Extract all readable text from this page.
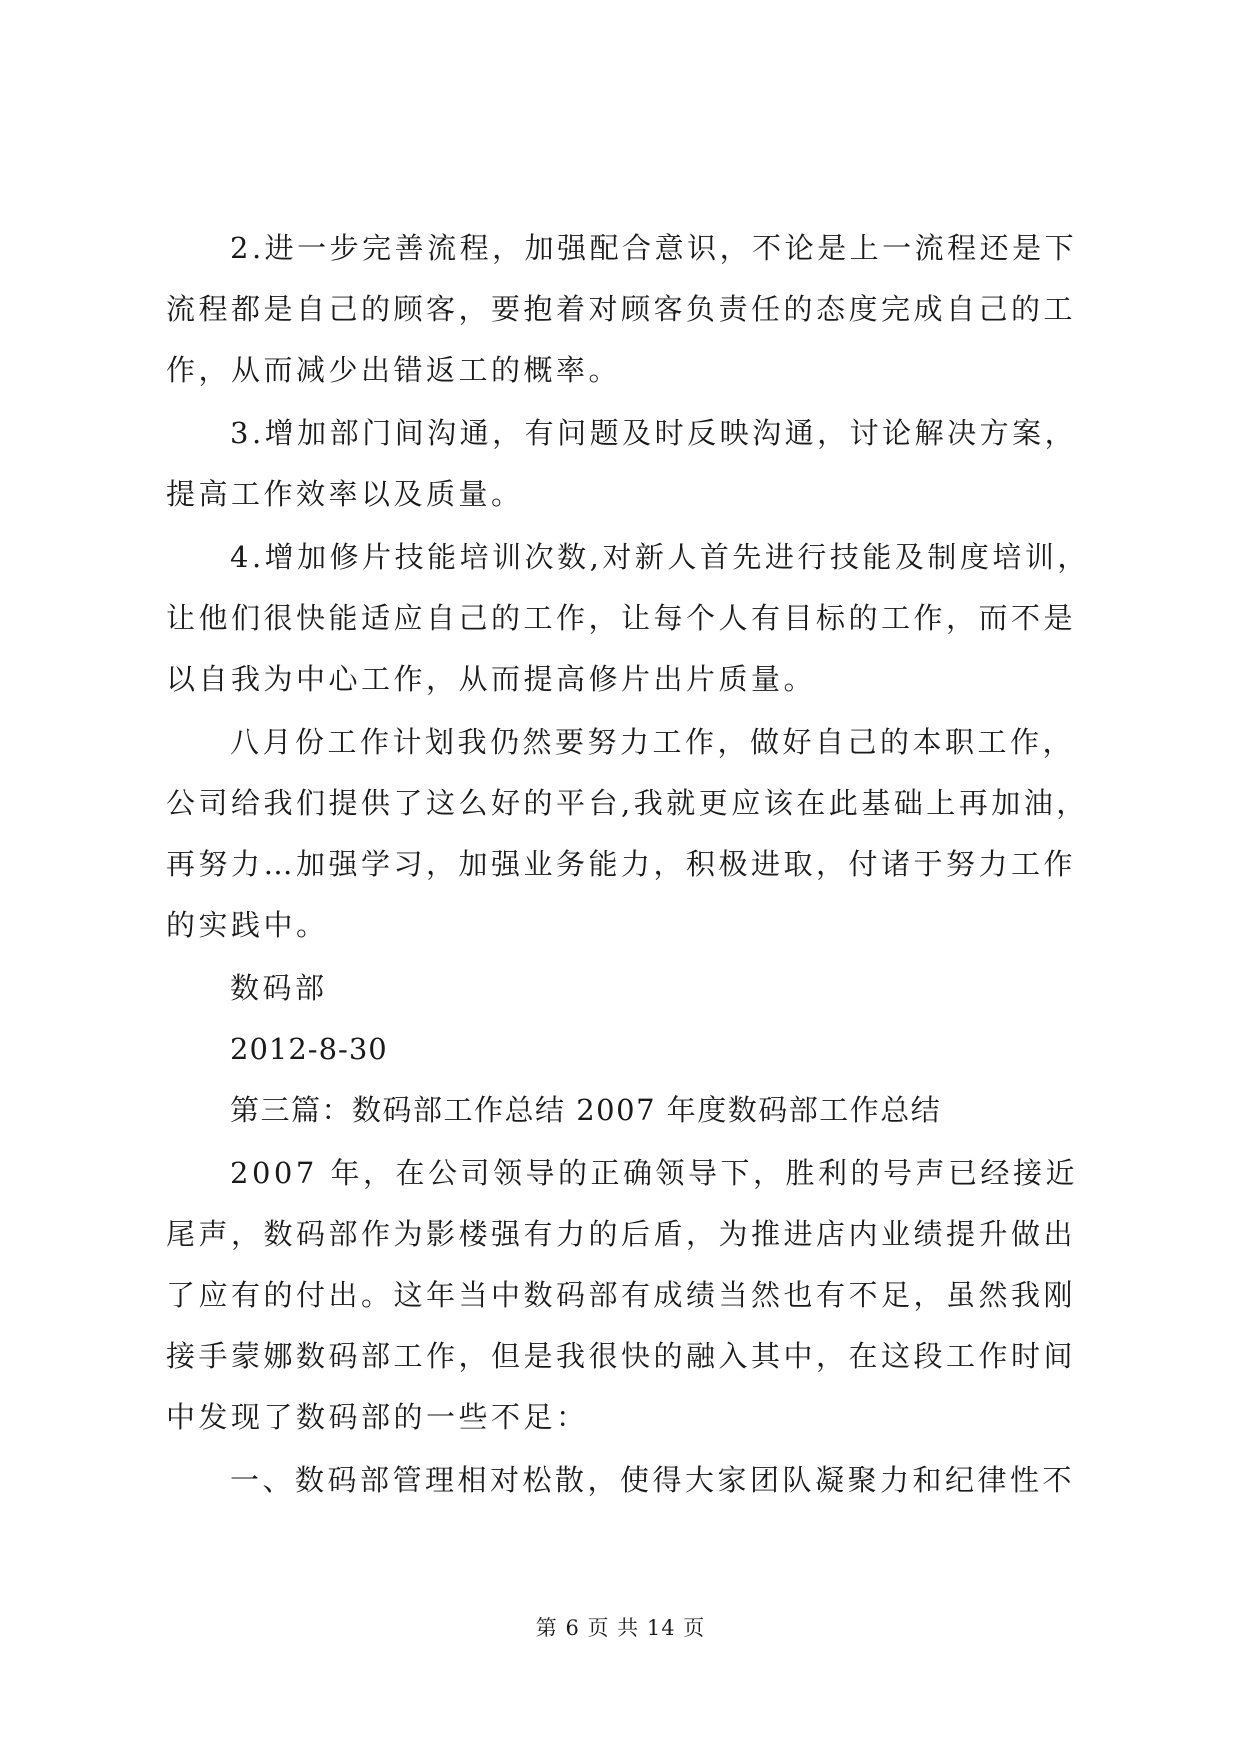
2.进一步完善流程，加强配合意识，不论是上一流程还是下
流程都是自己的顾客，要抱着对顾客负责任的态度完成自己的工
作，从而减少出错返工的概率。
3.增加部门间沟通，有问题及时反映沟通，讨论解决方案，
提高工作效率以及质量。
4.增加修片技能培训次数,对新人首先进行技能及制度培训，
让他们很快能适应自己的工作，让每个人有目标的工作，而不是
以自我为中心工作，从而提高修片出片质量。
八月份工作计划我仍然要努力工作，做好自己的本职工作，
公司给我们提供了这么好的平台,我就更应该在此基础上再加油，
再努力…加强学习，加强业务能力，积极进取，付诸于努力工作
的实践中。
数码部
2012-8-30
第三篇：数码部工作总结 2007 年度数码部工作总结
2007 年，在公司领导的正确领导下，胜利的号声已经接近
尾声，数码部作为影楼强有力的后盾，为推进店内业绩提升做出
了应有的付出。这年当中数码部有成绩当然也有不足，虽然我刚
接手蒙娜数码部工作，但是我很快的融入其中，在这段工作时间
中发现了数码部的一些不足：
一、数码部管理相对松散，使得大家团队凝聚力和纪律性不
第 6 页 共 14 页
